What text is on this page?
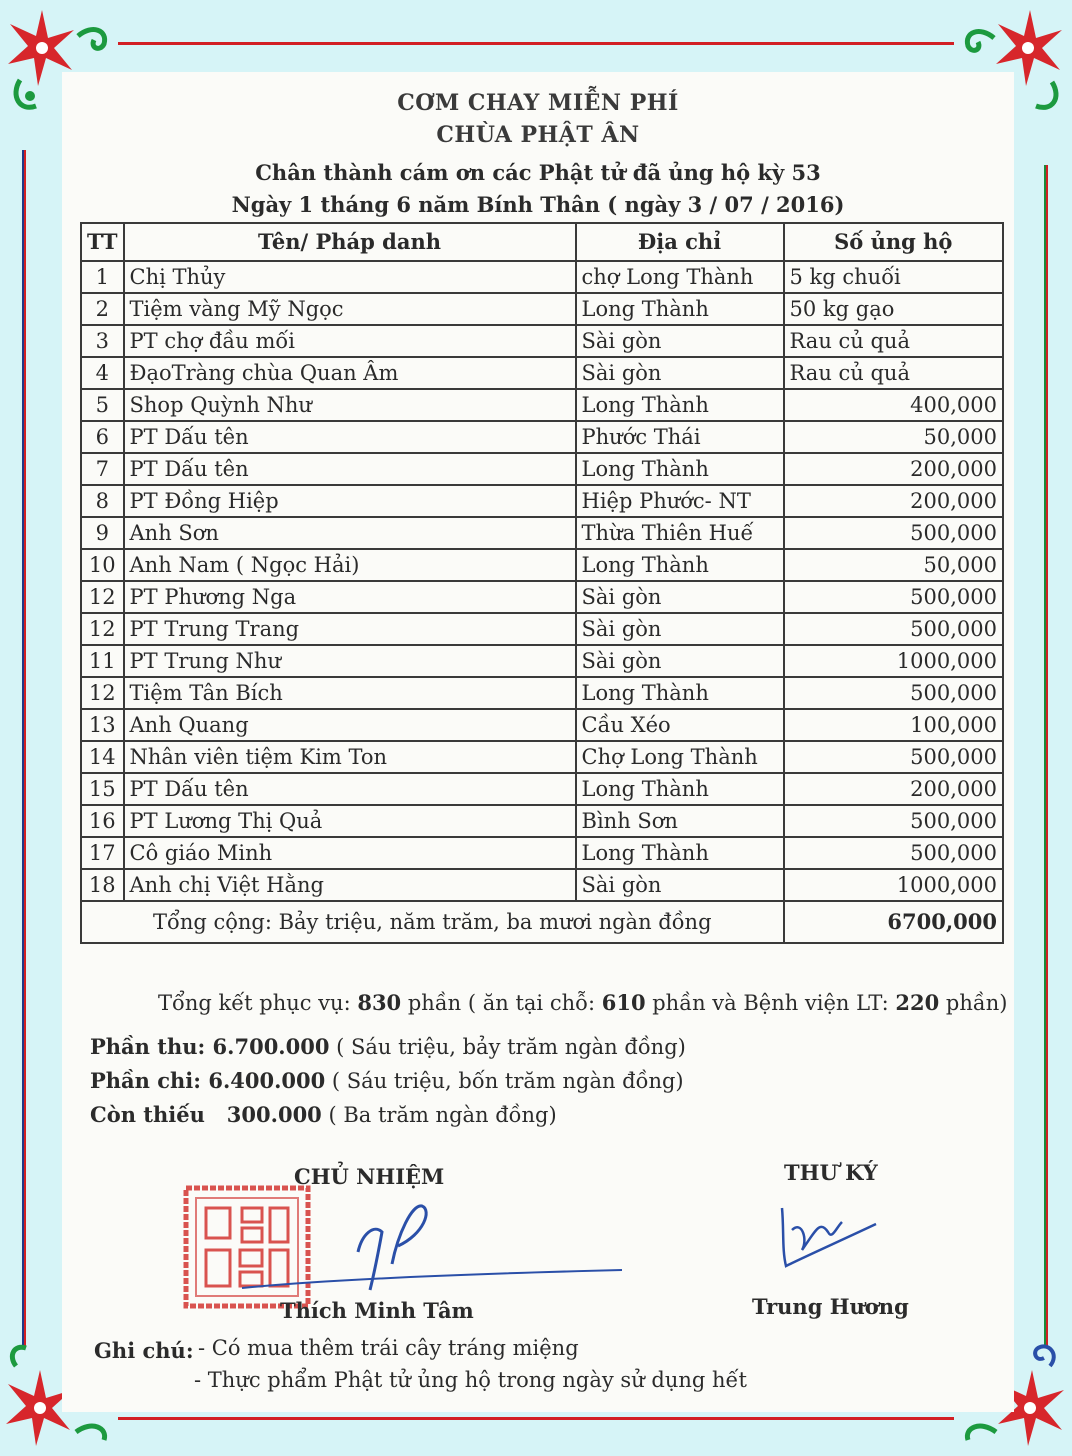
CƠM CHAY MIỄN PHÍ
CHÙA PHẬT ÂN
Chân thành cám ơn các Phật tử đã ủng hộ kỳ 53
Ngày 1 tháng 6 năm Bính Thân ( ngày 3 / 07 / 2016)
TT	Tên/ Pháp danh	Địa chỉ	Số ủng hộ
1	Chị Thủy	chợ Long Thành	5 kg chuối
2	Tiệm vàng Mỹ Ngọc	Long Thành	50 kg gạo
3	PT chợ đầu mối	Sài gòn	Rau củ quả
4	ĐạoTràng chùa Quan Âm	Sài gòn	Rau củ quả
5	Shop Quỳnh Như	Long Thành	400,000
6	PT Dấu tên	Phước Thái	50,000
7	PT Dấu tên	Long Thành	200,000
8	PT Đồng Hiệp	Hiệp Phước- NT	200,000
9	Anh Sơn	Thừa Thiên Huế	500,000
10	Anh Nam ( Ngọc Hải)	Long Thành	50,000
12	PT Phương Nga	Sài gòn	500,000
12	PT Trung Trang	Sài gòn	500,000
11	PT Trung Như	Sài gòn	1000,000
12	Tiệm Tân Bích	Long Thành	500,000
13	Anh Quang	Cầu Xéo	100,000
14	Nhân viên tiệm Kim Ton	Chợ Long Thành	500,000
15	PT Dấu tên	Long Thành	200,000
16	PT Lương Thị Quả	Bình Sơn	500,000
17	Cô giáo Minh	Long Thành	500,000
18	Anh chị Việt Hằng	Sài gòn	1000,000
Tổng cộng: Bảy triệu, năm trăm, ba mươi ngàn đồng			6700,000
Tổng kết phục vụ: 830 phần ( ăn tại chỗ: 610 phần và Bệnh viện LT: 220 phần)
Phần thu: 6.700.000 ( Sáu triệu, bảy trăm ngàn đồng)
Phần chi: 6.400.000 ( Sáu triệu, bốn trăm ngàn đồng)
Còn thiếu   300.000 ( Ba trăm ngàn đồng)
CHỦ NHIỆM	THƯ KÝ
Thích Minh Tâm	Trung Hương
Ghi chú: - Có mua thêm trái cây tráng miệng
- Thực phẩm Phật tử ủng hộ trong ngày sử dụng hết
